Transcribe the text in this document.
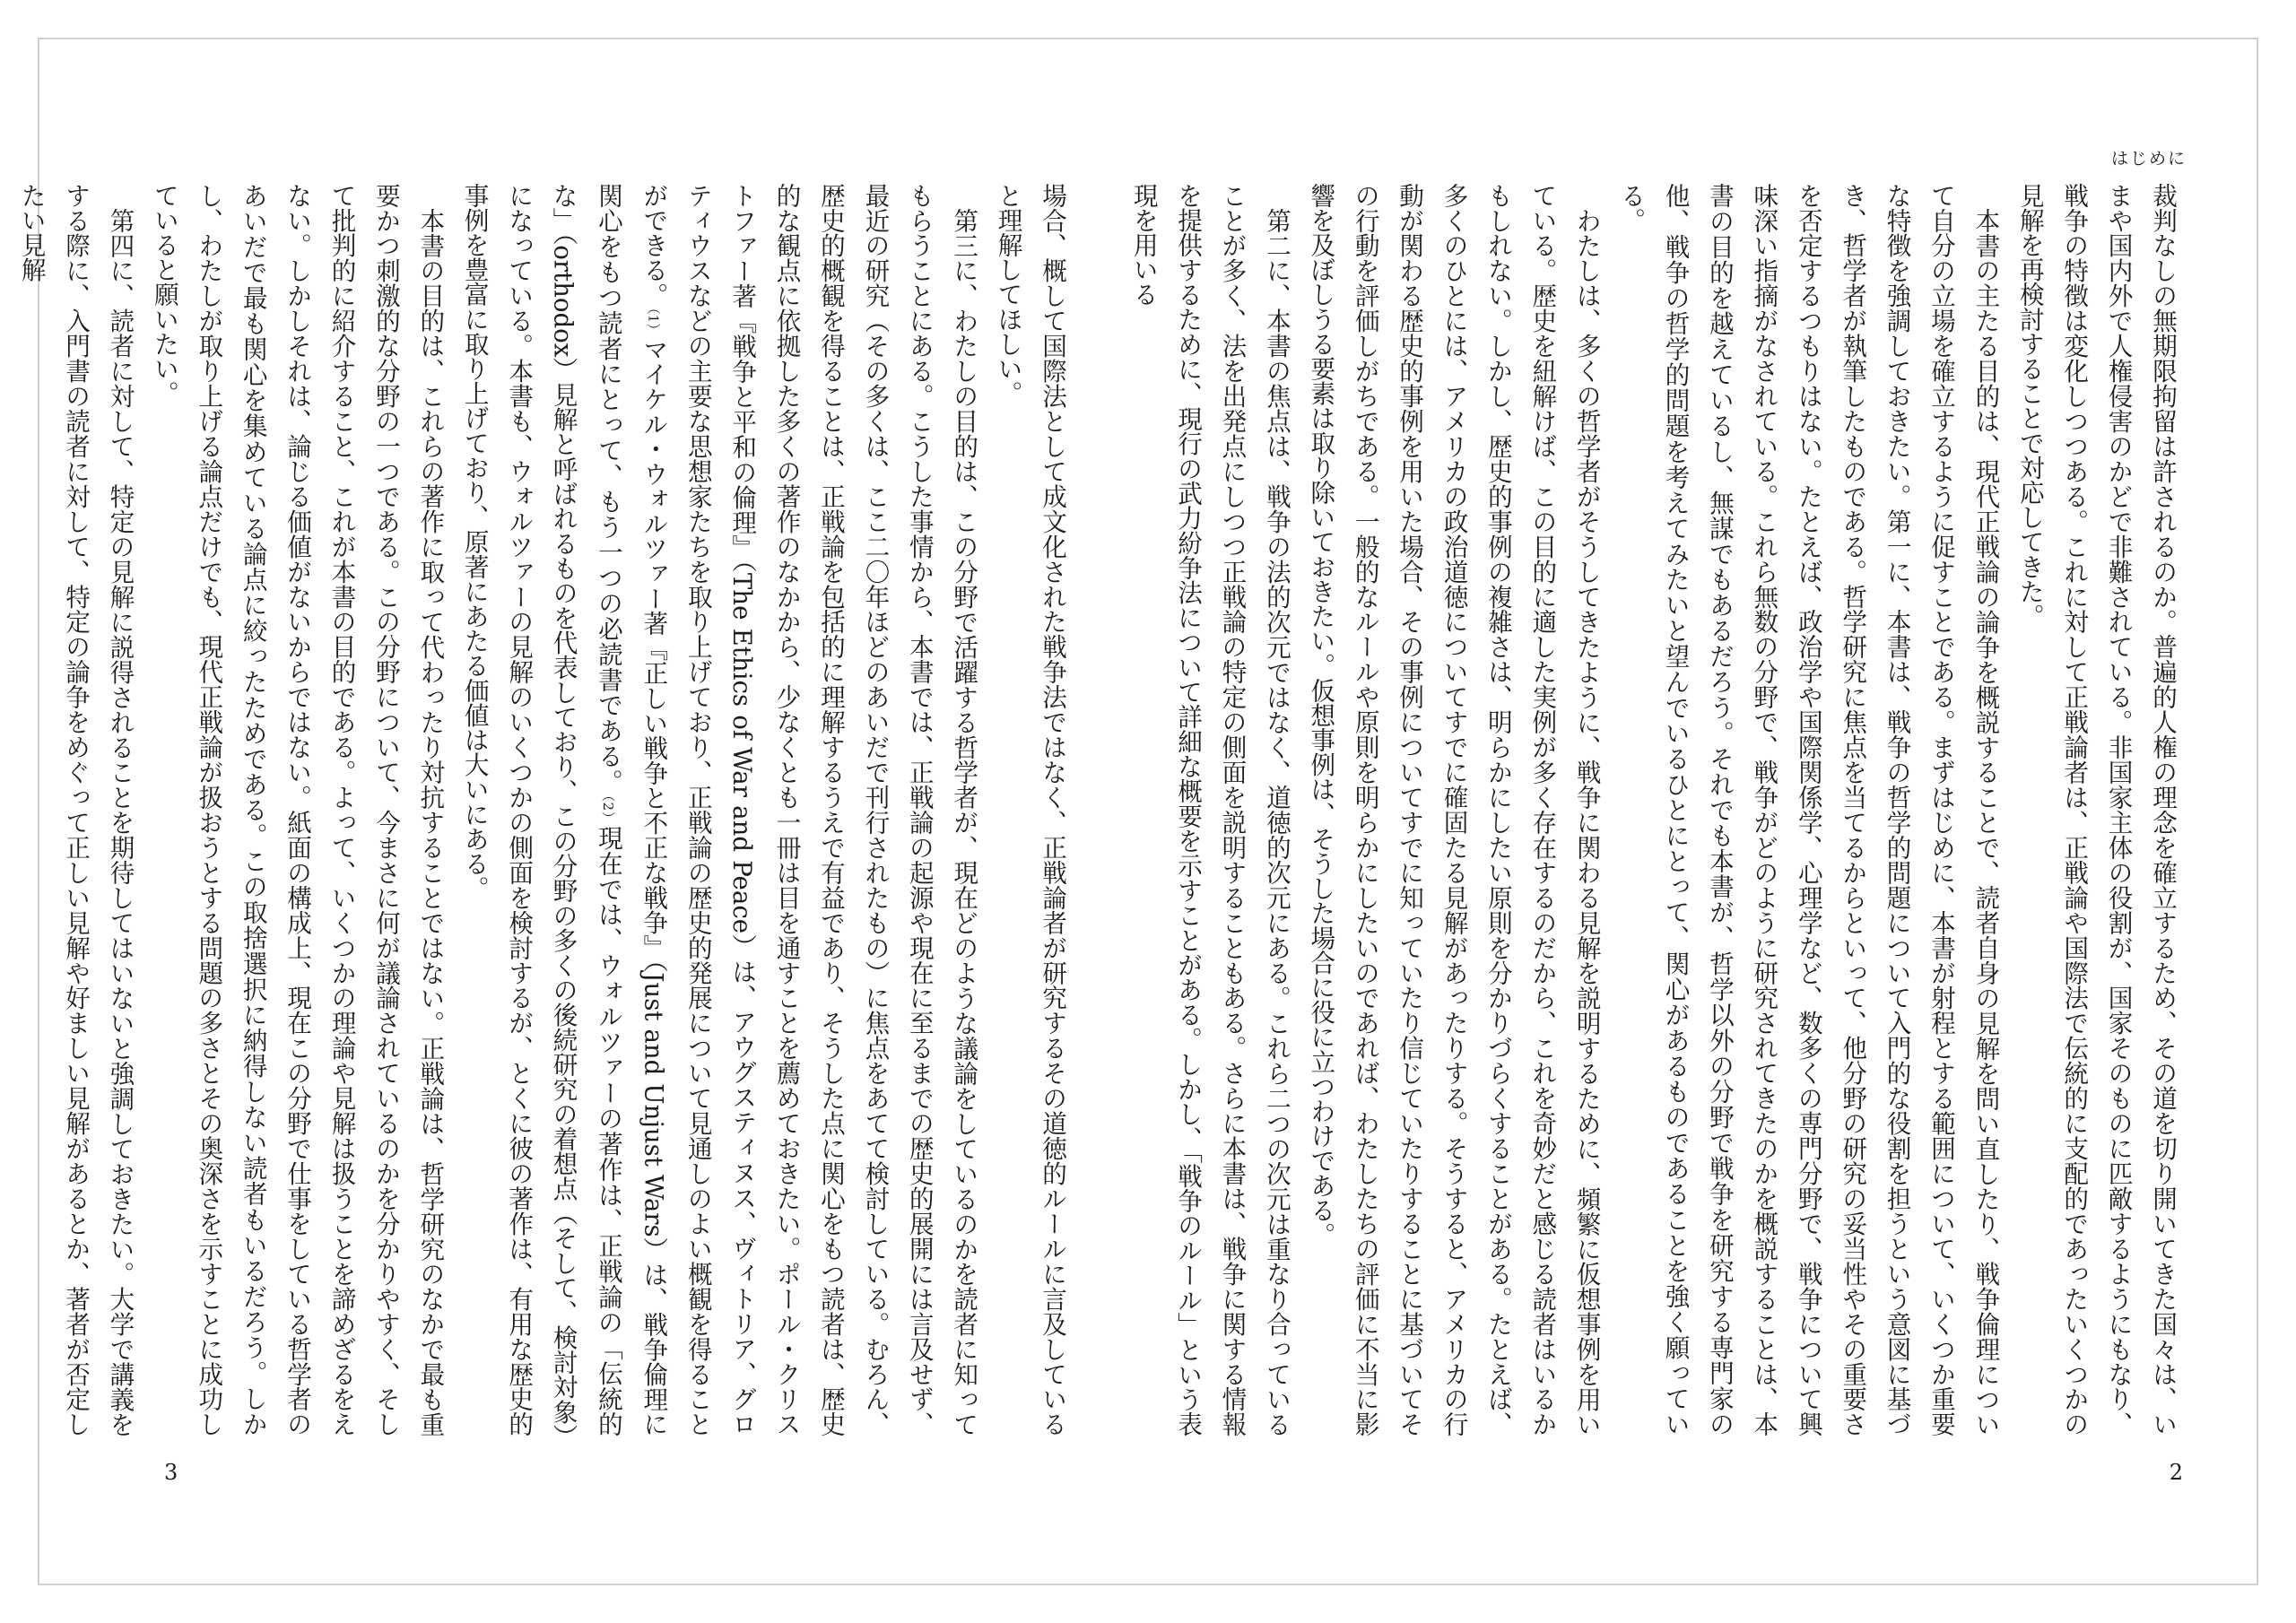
場合、概して国際法として成文化された戦争法ではなく、正戦論者が研究するその道徳的ルールに言及していると理解してほしい。

第三に、わたしの目的は、この分野で活躍する哲学者が、現在どのような議論をしているのかを読者に知ってもらうことにある。こうした事情から、本書では、正戦論の起源や現在に至るまでの歴史的展開には言及せず、最近の研究（その多くは、ここ二〇年ほどのあいだで刊行されたもの）に焦点をあてて検討している。むろん、歴史的概観を得ることは、正戦論を包括的に理解するうえで有益であり、そうした点に関心をもつ読者は、歴史的な観点に依拠した多くの著作のなかから、少なくとも一冊は目を通すことを薦めておきたい。ポール・クリストファー著『戦争と平和の倫理』（The Ethics of War and Peace）は、アウグスティヌス、ヴィトリア、グロティウスなどの主要な思想家たちを取り上げており、正戦論の歴史的発展について見通しのよい概観を得ることができる。（1）マイケル・ウォルツァー著『正しい戦争と不正な戦争』（Just and Unjust Wars）は、戦争倫理に関心をもつ読者にとって、もう一つの必読書である。（2）現在では、ウォルツァーの著作は、正戦論の「伝統的な」（orthodox）見解と呼ばれるものを代表しており、この分野の多くの後続研究の着想点（そして、検討対象）になっている。本書も、ウォルツァーの見解のいくつかの側面を検討するが、とくに彼の著作は、有用な歴史的事例を豊富に取り上げており、原著にあたる価値は大いにある。

本書の目的は、これらの著作に取って代わったり対抗することではない。正戦論は、哲学研究のなかで最も重要かつ刺激的な分野の一つである。この分野について、今まさに何が議論されているのかを分かりやすく、そして批判的に紹介すること、これが本書の目的である。よって、いくつかの理論や見解は扱うことを諦めざるをえない。しかしそれは、論じる価値がないからではない。紙面の構成上、現在この分野で仕事をしている哲学者のあいだで最も関心を集めている論点に絞ったためである。この取捨選択に納得しない読者もいるだろう。しかし、わたしが取り上げる論点だけでも、現代正戦論が扱おうとする問題の多さとその奥深さを示すことに成功していると願いたい。

第四に、読者に対して、特定の見解に説得されることを期待してはいないと強調しておきたい。大学で講義をする際に、入門書の読者に対して、特定の論争をめぐって正しい見解や好ましい見解があるとか、著者が否定したい見解

3
はじめに

裁判なしの無期限拘留は許されるのか。普遍的人権の理念を確立するため、その道を切り開いてきた国々は、いまや国内外で人権侵害のかどで非難されている。非国家主体の役割が、国家そのものに匹敵するようにもなり、戦争の特徴は変化しつつある。これに対して正戦論者は、正戦論や国際法で伝統的に支配的であったいくつかの見解を再検討することで対応してきた。

本書の主たる目的は、現代正戦論の論争を概説することで、読者自身の見解を問い直したり、戦争倫理について自分の立場を確立するように促すことである。まずはじめに、本書が射程とする範囲について、いくつか重要な特徴を強調しておきたい。第一に、本書は、戦争の哲学的問題について入門的な役割を担うという意図に基づき、哲学者が執筆したものである。哲学研究に焦点を当てるからといって、他分野の研究の妥当性やその重要さを否定するつもりはない。たとえば、政治学や国際関係学、心理学など、数多くの専門分野で、戦争について興味深い指摘がなされている。これら無数の分野で、戦争がどのように研究されてきたのかを概説することは、本書の目的を越えているし、無謀でもあるだろう。それでも本書が、哲学以外の分野で戦争を研究する専門家の他、戦争の哲学的問題を考えてみたいと望んでいるひとにとって、関心があるものであることを強く願っている。

わたしは、多くの哲学者がそうしてきたように、戦争に関わる見解を説明するために、頻繁に仮想事例を用いている。歴史を紐解けば、この目的に適した実例が多く存在するのだから、これを奇妙だと感じる読者はいるかもしれない。しかし、歴史的事例の複雑さは、明らかにしたい原則を分かりづらくすることがある。たとえば、多くのひとには、アメリカの政治道徳についてすでに確固たる見解があったりする。そうすると、アメリカの行動が関わる歴史的事例を用いた場合、その事例についてすでに知っていたり信じていたりすることに基づいてその行動を評価しがちである。一般的なルールや原則を明らかにしたいのであれば、わたしたちの評価に不当に影響を及ぼしうる要素は取り除いておきたい。仮想事例は、そうした場合に役に立つわけである。

第二に、本書の焦点は、戦争の法的次元ではなく、道徳的次元にある。これら二つの次元は重なり合っていることが多く、法を出発点にしつつ正戦論の特定の側面を説明することもある。さらに本書は、戦争に関する情報を提供するために、現行の武力紛争法について詳細な概要を示すことがある。しかし、「戦争のルール」という表現を用いる

2
